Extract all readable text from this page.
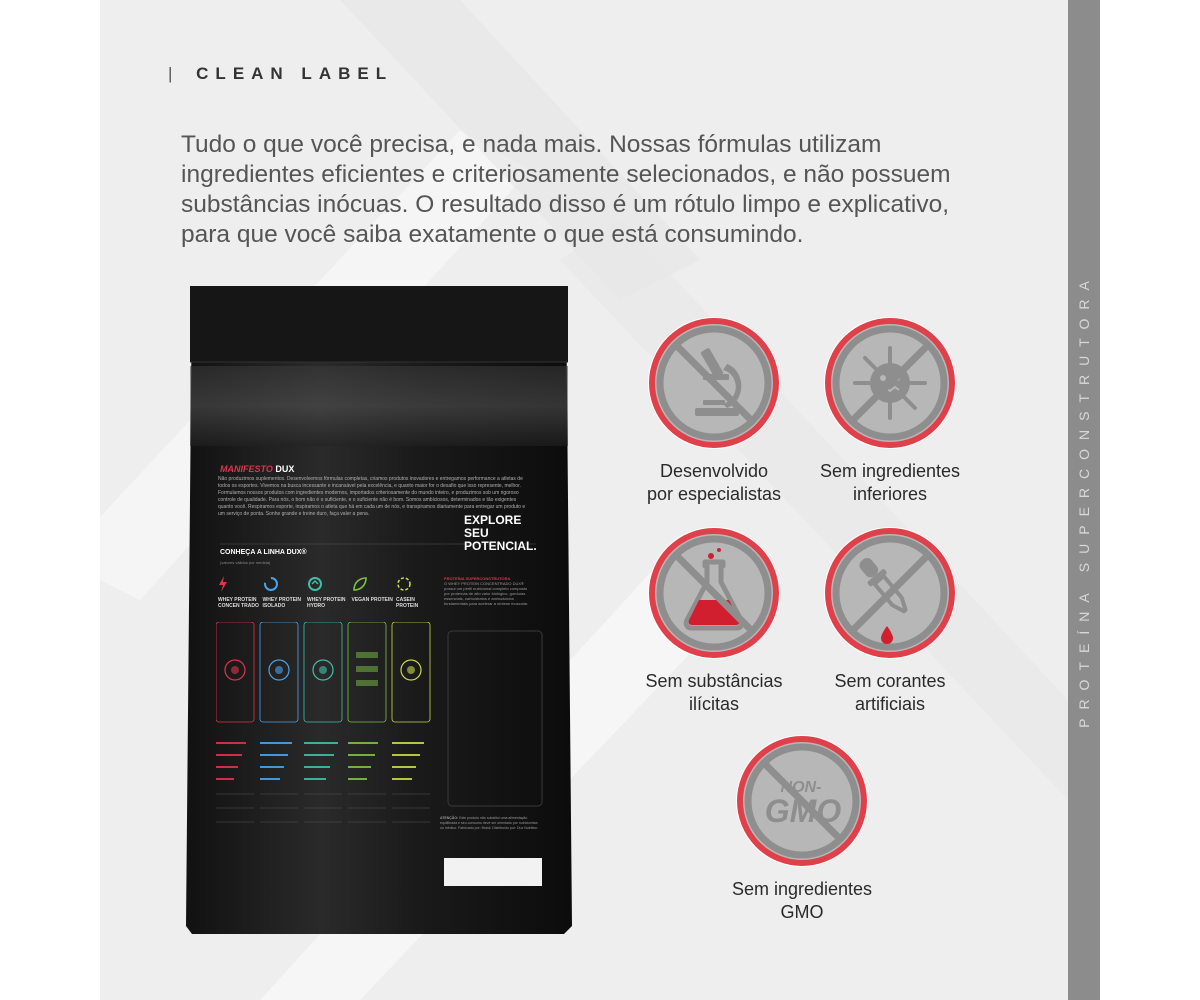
PROTEÍNA SUPERCONSTRUTORA
| CLEAN LABEL

Tudo o que você precisa, e nada mais. Nossas fórmulas utilizam

ingredientes eficientes e criteriosamente selecionados, e não possuem

substâncias inócuas. O resultado disso é um rótulo limpo e explicativo,

para que você saiba exatamente o que está consumindo.

MANIFESTO DUX
Não produzimos suplementos. Desenvolvemos fórmulas completas, criamos produtos inovadores e entregamos performance a atletas de todos os esportes. Vivemos na busca incessante e incansável pela excelência, e quanto maior for o desafio que isso represente, melhor. Formulamos nossos produtos com ingredientes modernos, importados criteriosamente do mundo inteiro, e produzimos sob um rigoroso controle de qualidade. Para nós, o bom não é o suficiente, e o suficiente não é bom. Somos ambiciosos, determinados e tão exigentes quanto você. Respiramos esporte, inspiramos o atleta que há em cada um de nós, e transpiramos diariamente para entregar um produto e um serviço de ponta. Sonhe grande e treine duro, faça valer a pena.	EXPLORE SEU POTENCIAL.
CONHEÇA A LINHA DUX®
(valores válidos por medida)
WHEY PROTEIN CONCEN TRADO
WHEY PROTEIN ISOLADO
WHEY PROTEIN HYDRO
VEGAN PROTEIN CASEIN PROTEIN
PROTEÍNA SUPERCONSTRUTORA
O WHEY PROTEIN CONCENTRADO DUX® possui um perfil nutricional completo composto por proteínas de alto valor biológico, gorduras essenciais, carboidratos e aminoácidos fundamentais para acelerar a síntese muscular.
ATENÇÃO: Este produto não substitui uma alimentação equilibrada e seu consumo deve ser orientado por nutricionista ou médico. Fabricado por: Brasil. Distribuído por: Dux Nutrition.
Desenvolvido
por especialistas
Sem ingredientes
inferiores
Sem substâncias
ilícitas
Sem corantes
artificiais
NON-
GMO
Sem ingredientes
GMO
